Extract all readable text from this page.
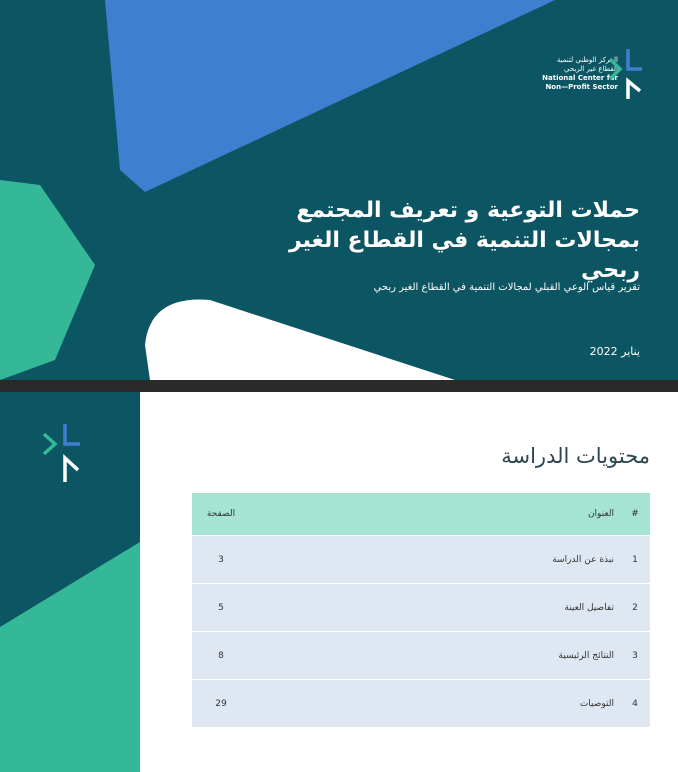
المركز الوطني لتنمية
القطاع غير الربحي
National Center for
Non—Profit Sector
حملات التوعية و تعريف المجتمع
بمجالات التنمية في القطاع الغير ربحي
تقرير قياس الوعي القبلي لمجالات التنمية في القطاع الغير ربحي
يناير 2022
محتويات الدراسة
#	العنوان	الصفحة
1	نبذة عن الدراسة	3
2	تفاصيل العينة	5
3	النتائج الرئيسية	8
4	التوصيات	29
